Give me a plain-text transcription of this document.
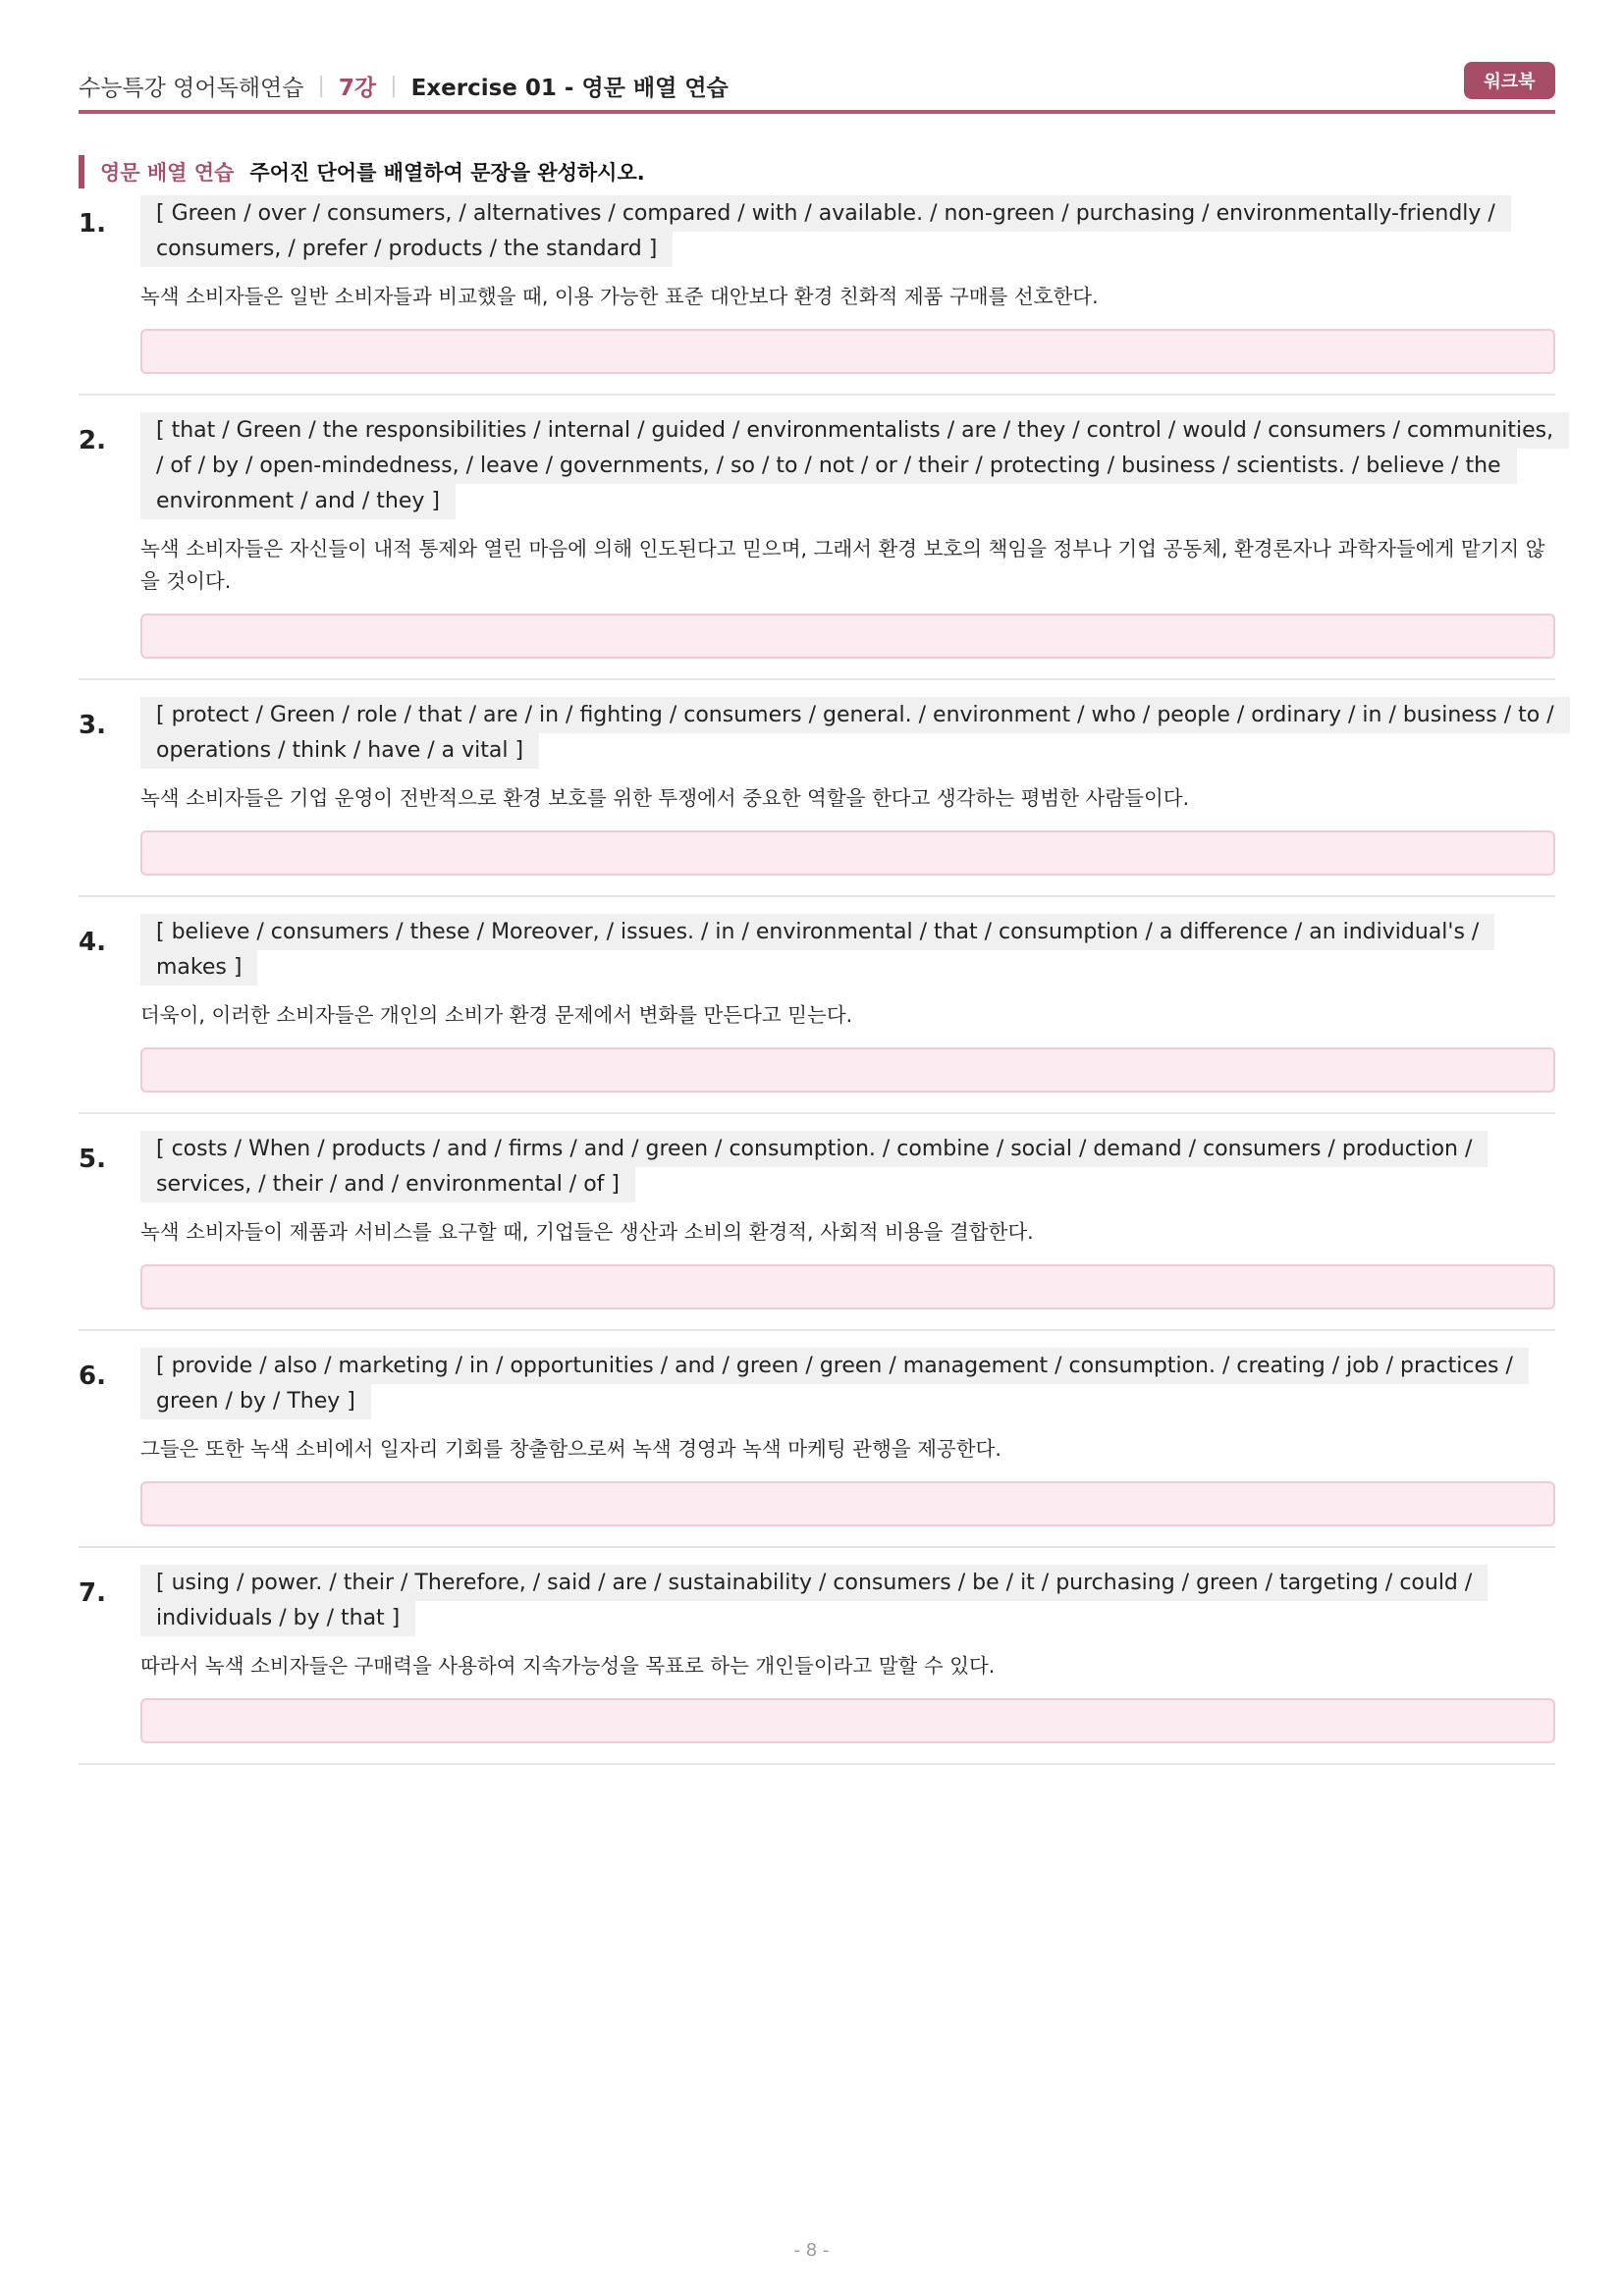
수능특강 영어독해연습 | 7강 | Exercise 01 - 영문 배열 연습	워크북
영문 배열 연습 주어진 단어를 배열하여 문장을 완성하시오.
1.	[ Green / over / consumers, / alternatives / compared / with / available. / non-green / purchasing / environmentally-friendly / consumers, / prefer / products / the standard ]
녹색 소비자들은 일반 소비자들과 비교했을 때, 이용 가능한 표준 대안보다 환경 친화적 제품 구매를 선호한다.
2.	[ that / Green / the responsibilities / internal / guided / environmentalists / are / they / control / would / consumers / communities, / of / by / open-mindedness, / leave / governments, / so / to / not / or / their / protecting / business / scientists. / believe / the environment / and / they ]
녹색 소비자들은 자신들이 내적 통제와 열린 마음에 의해 인도된다고 믿으며, 그래서 환경 보호의 책임을 정부나 기업 공동체, 환경론자나 과학자들에게 맡기지 않을 것이다.
3.	[ protect / Green / role / that / are / in / fighting / consumers / general. / environment / who / people / ordinary / in / business / to / operations / think / have / a vital ]
녹색 소비자들은 기업 운영이 전반적으로 환경 보호를 위한 투쟁에서 중요한 역할을 한다고 생각하는 평범한 사람들이다.
4.	[ believe / consumers / these / Moreover, / issues. / in / environmental / that / consumption / a difference / an individual's / makes ]
더욱이, 이러한 소비자들은 개인의 소비가 환경 문제에서 변화를 만든다고 믿는다.
5.	[ costs / When / products / and / firms / and / green / consumption. / combine / social / demand / consumers / production / services, / their / and / environmental / of ]
녹색 소비자들이 제품과 서비스를 요구할 때, 기업들은 생산과 소비의 환경적, 사회적 비용을 결합한다.
6.	[ provide / also / marketing / in / opportunities / and / green / green / management / consumption. / creating / job / practices / green / by / They ]
그들은 또한 녹색 소비에서 일자리 기회를 창출함으로써 녹색 경영과 녹색 마케팅 관행을 제공한다.
7.	[ using / power. / their / Therefore, / said / are / sustainability / consumers / be / it / purchasing / green / targeting / could / individuals / by / that ]
따라서 녹색 소비자들은 구매력을 사용하여 지속가능성을 목표로 하는 개인들이라고 말할 수 있다.
- 8 -
